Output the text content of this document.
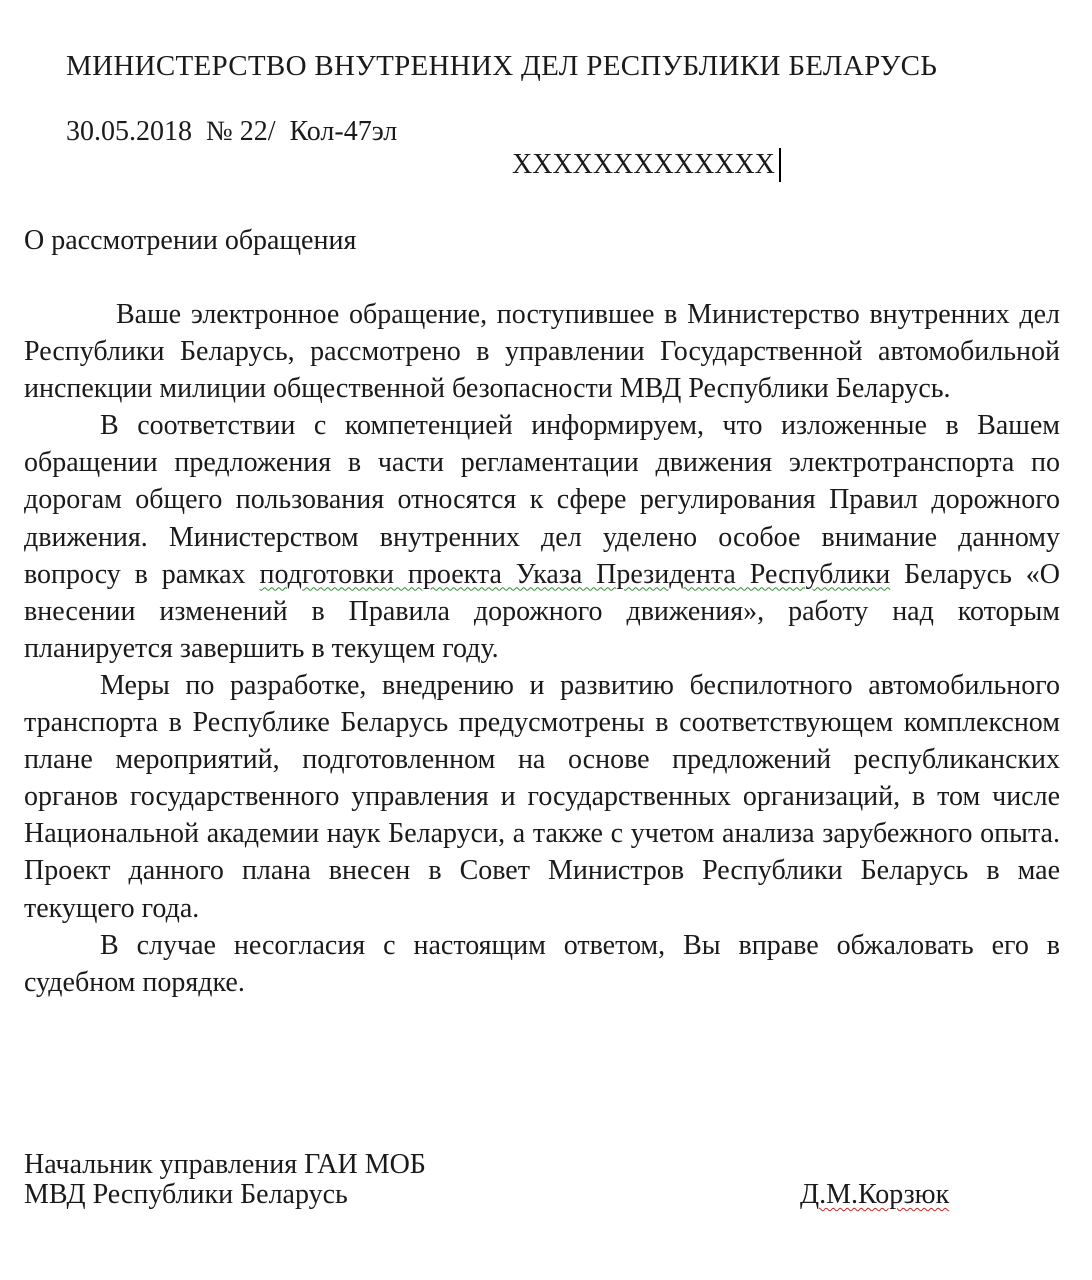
МИНИСТЕРСТВО ВНУТРЕННИХ ДЕЛ РЕСПУБЛИКИ БЕЛАРУСЬ
30.05.2018  № 22/  Кол-47эл
XXXXXXXXXXXXX
О рассмотрении обращения

Ваше электронное обращение, поступившее в Министерство внутренних дел Республики Беларусь, рассмотрено в управлении Государственной автомобильной инспекции милиции общественной безопасности МВД Республики Беларусь.

В соответствии с компетенцией информируем, что изложенные в Вашем обращении предложения в части регламентации движения электротранспорта по дорогам общего пользования относятся к сфере регулирования Правил дорожного движения. Министерством внутренних дел уделено особое внимание данному вопросу в рамках подготовки проекта Указа Президента Республики Беларусь «О внесении изменений в Правила дорожного движения», работу над которым планируется завершить в текущем году.

Меры по разработке, внедрению и развитию беспилотного автомобильного транспорта в Республике Беларусь предусмотрены в соответствующем комплексном плане мероприятий, подготовленном на основе предложений республиканских органов государственного управления и государственных организаций, в том числе Национальной академии наук Беларуси, а также с учетом анализа зарубежного опыта. Проект данного плана внесен в Совет Министров Республики Беларусь в мае текущего года.

В случае несогласия с настоящим ответом, Вы вправе обжаловать его в судебном порядке.

Начальник управления ГАИ МОБ
МВД Республики Беларусь	Д.М.Корзюк
